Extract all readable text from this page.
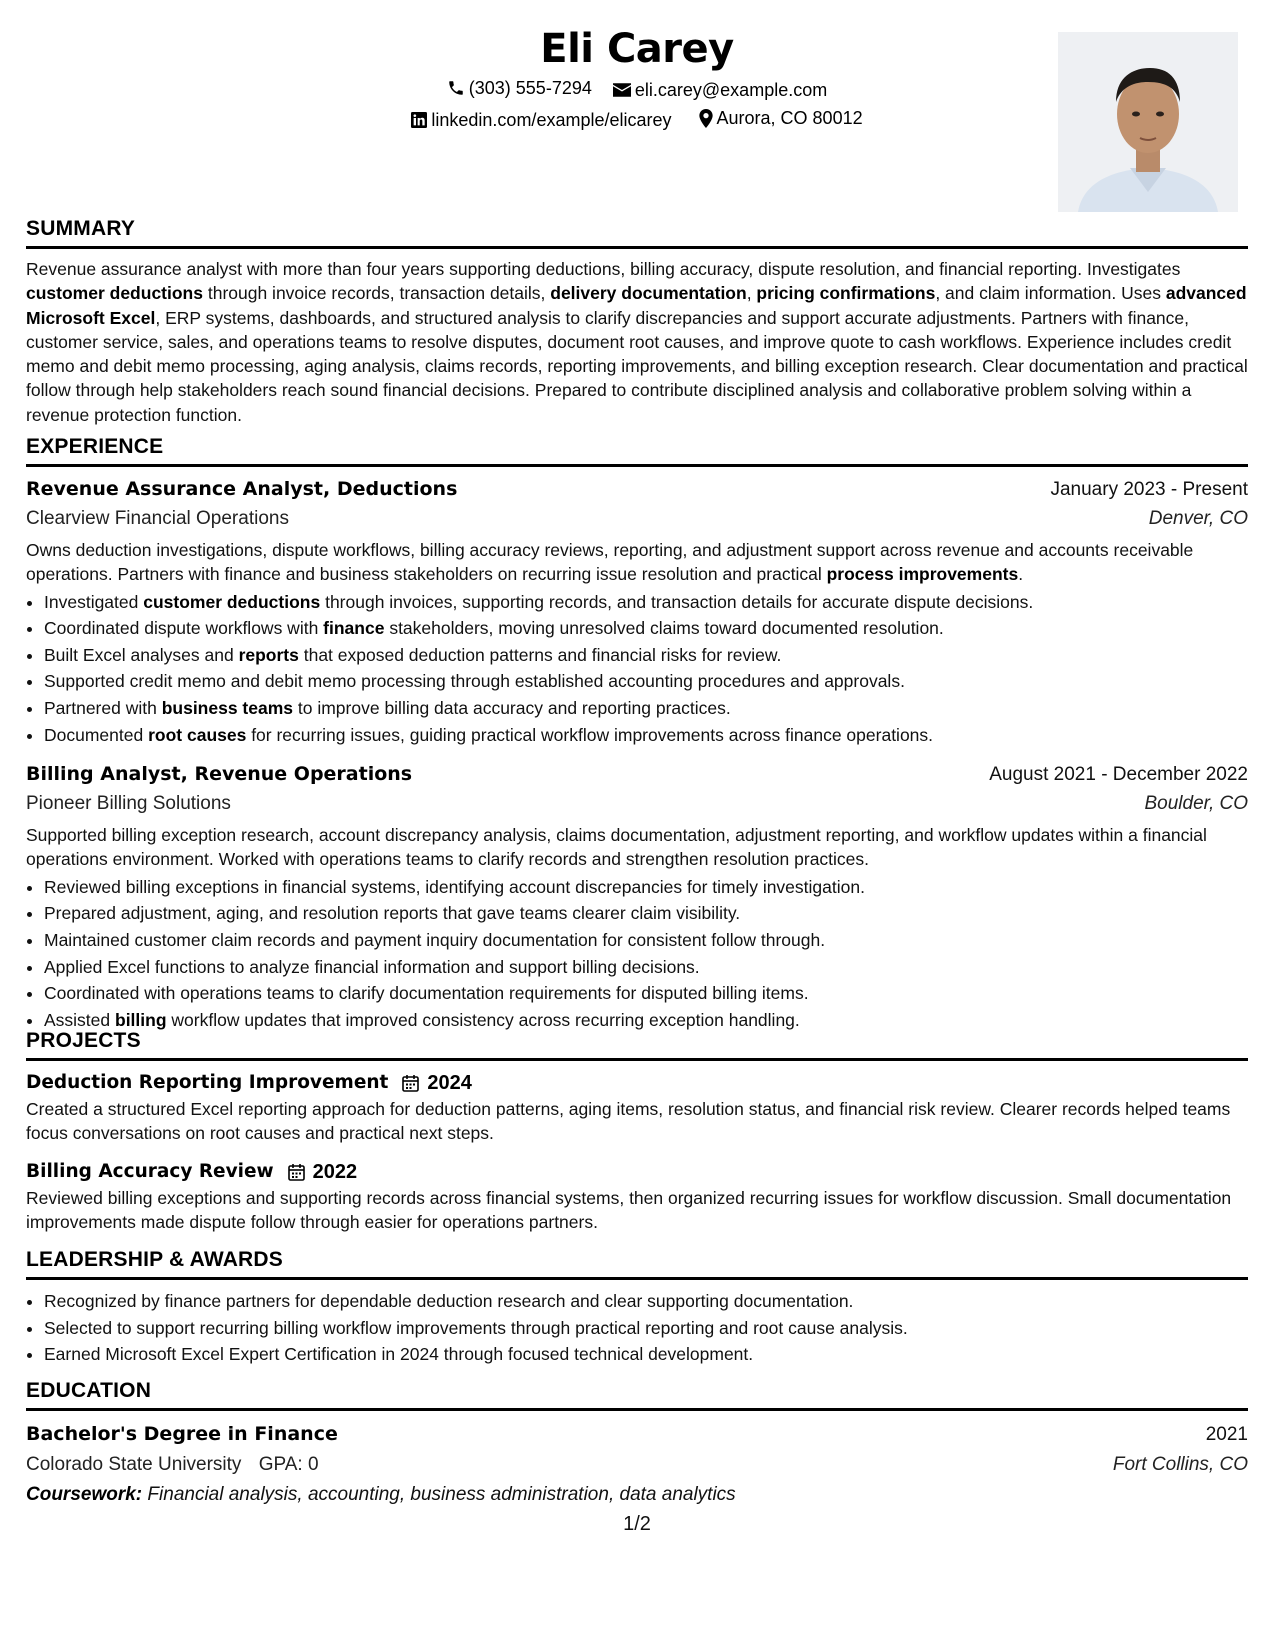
Eli Carey
(303) 555-7294
eli.carey@example.com
linkedin.com/example/elicarey
	Aurora, CO 80012
SUMMARY

Revenue assurance analyst with more than four years supporting deductions, billing accuracy, dispute resolution, and financial reporting. Investigates customer deductions through invoice records, transaction details, delivery documentation, pricing confirmations, and claim information. Uses advanced Microsoft Excel, ERP systems, dashboards, and structured analysis to clarify discrepancies and support accurate adjustments. Partners with finance, customer service, sales, and operations teams to resolve disputes, document root causes, and improve quote to cash workflows. Experience includes credit memo and debit memo processing, aging analysis, claims records, reporting improvements, and billing exception research. Clear documentation and practical follow through help stakeholders reach sound financial decisions. Prepared to contribute disciplined analysis and collaborative problem solving within a revenue protection function.

EXPERIENCE
Revenue Assurance Analyst, Deductions	January 2023 - Present
Clearview Financial Operations	Denver, CO

Owns deduction investigations, dispute workflows, billing accuracy reviews, reporting, and adjustment support across revenue and accounts receivable operations. Partners with finance and business stakeholders on recurring issue resolution and practical process improvements.

• Investigated customer deductions through invoices, supporting records, and transaction details for accurate dispute decisions.
• Coordinated dispute workflows with finance stakeholders, moving unresolved claims toward documented resolution.
• Built Excel analyses and reports that exposed deduction patterns and financial risks for review.
• Supported credit memo and debit memo processing through established accounting procedures and approvals.
• Partnered with business teams to improve billing data accuracy and reporting practices.
• Documented root causes for recurring issues, guiding practical workflow improvements across finance operations.
Billing Analyst, Revenue Operations	August 2021 - December 2022
Pioneer Billing Solutions	Boulder, CO

Supported billing exception research, account discrepancy analysis, claims documentation, adjustment reporting, and workflow updates within a financial operations environment. Worked with operations teams to clarify records and strengthen resolution practices.

• Reviewed billing exceptions in financial systems, identifying account discrepancies for timely investigation.
• Prepared adjustment, aging, and resolution reports that gave teams clearer claim visibility.
• Maintained customer claim records and payment inquiry documentation for consistent follow through.
• Applied Excel functions to analyze financial information and support billing decisions.
• Coordinated with operations teams to clarify documentation requirements for disputed billing items.
• Assisted billing workflow updates that improved consistency across recurring exception handling.
PROJECTS
Deduction Reporting Improvement 2024

Created a structured Excel reporting approach for deduction patterns, aging items, resolution status, and financial risk review. Clearer records helped teams focus conversations on root causes and practical next steps.

Billing Accuracy Review 2022

Reviewed billing exceptions and supporting records across financial systems, then organized recurring issues for workflow discussion. Small documentation improvements made dispute follow through easier for operations partners.

LEADERSHIP & AWARDS
• Recognized by finance partners for dependable deduction research and clear supporting documentation.
• Selected to support recurring billing workflow improvements through practical reporting and root cause analysis.
• Earned Microsoft Excel Expert Certification in 2024 through focused technical development.
EDUCATION
Bachelor's Degree in Finance	2021
Colorado State University GPA: 0	Fort Collins, CO
Coursework: Financial analysis, accounting, business administration, data analytics
1/2
